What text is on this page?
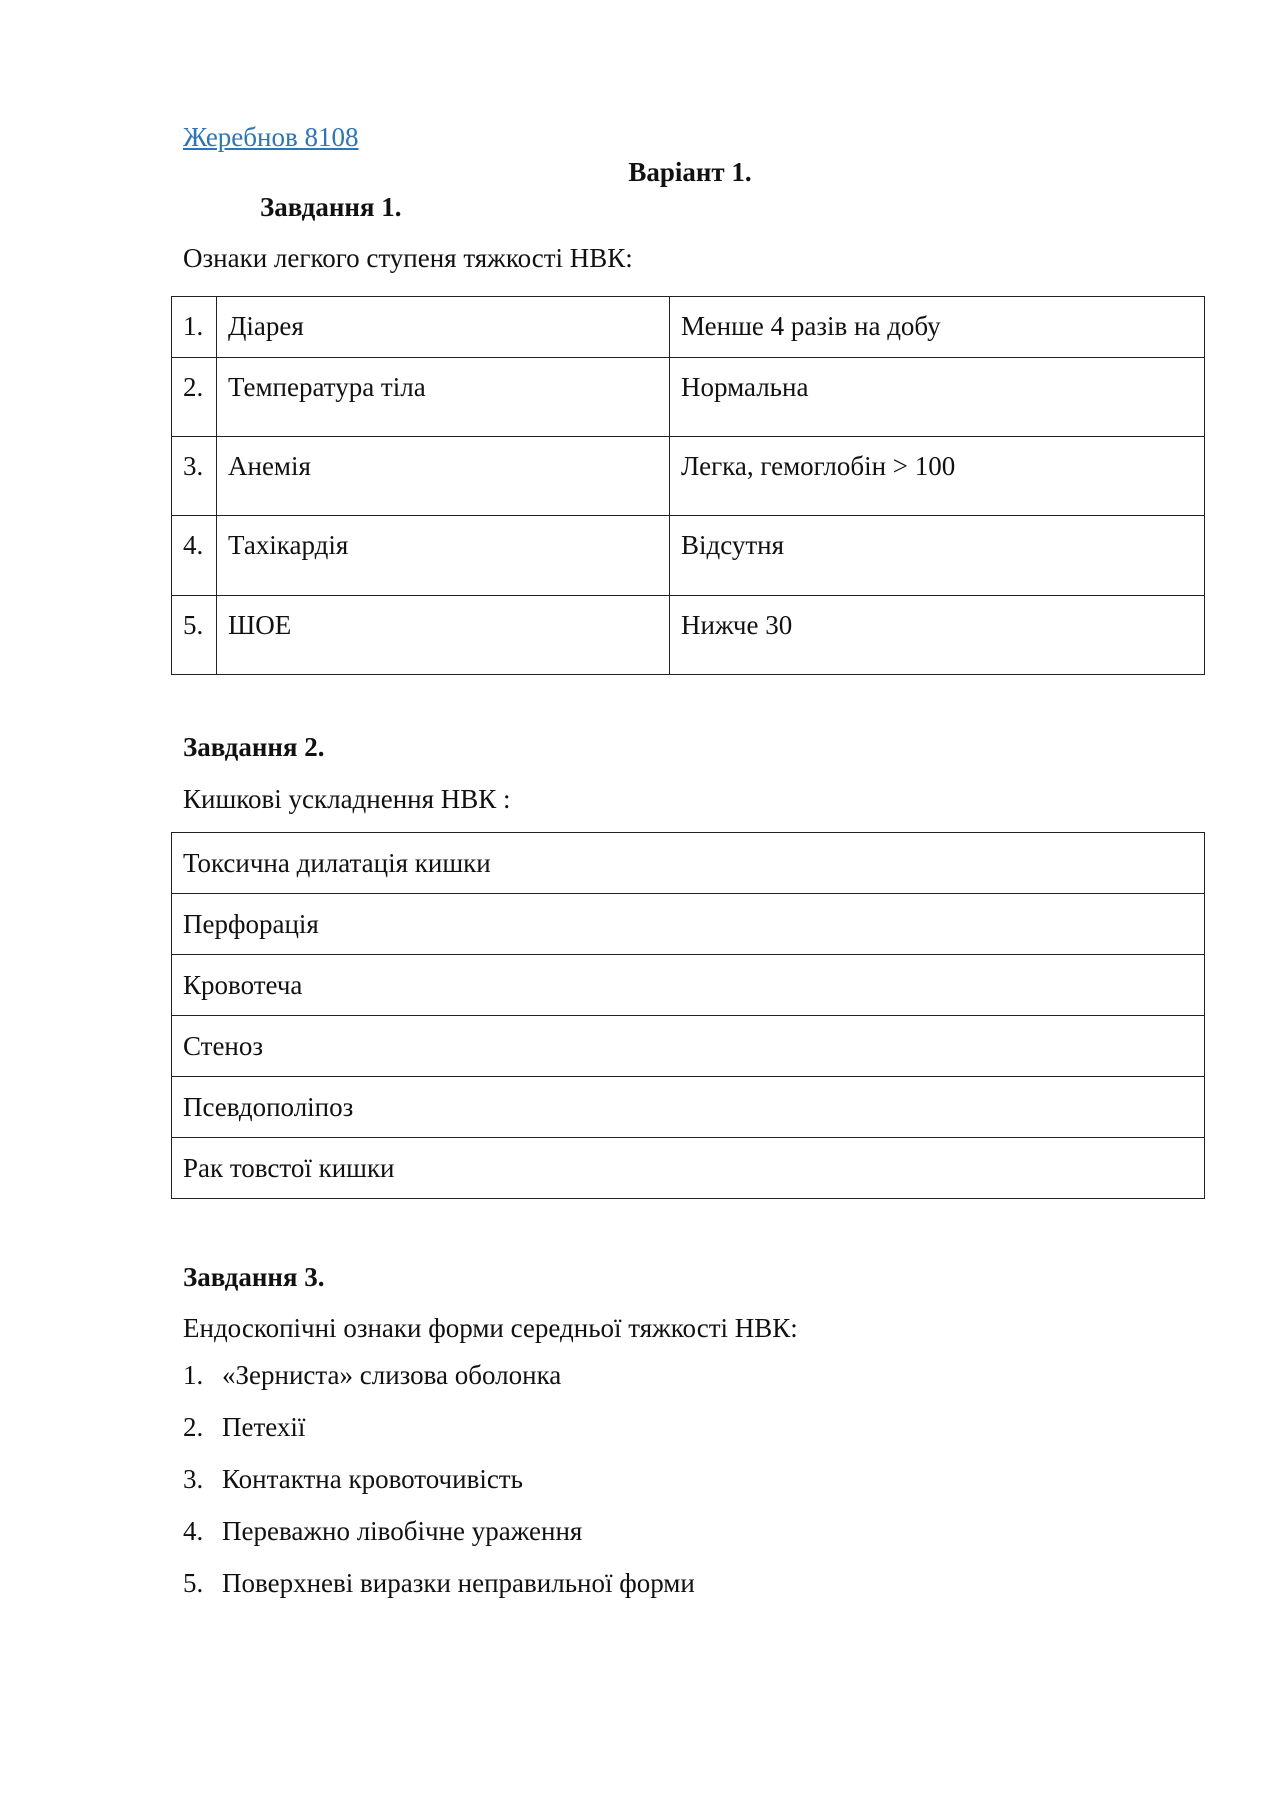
Жеребнов 8108
Варіант 1.
Завдання 1.
Ознаки легкого ступеня тяжкості НВК:
1.	Діарея	Менше 4 разів на добу
2.	Температура тіла	Нормальна
3.	Анемія	Легка, гемоглобін > 100
4.	Тахікардія	Відсутня
5.	ШОЕ	Нижче 30
Завдання 2.
Кишкові ускладнення НВК :
Токсична дилатація кишки
Перфорація
Кровотеча
Стеноз
Псевдополіпоз
Рак товстої кишки
Завдання 3.
Ендоскопічні ознаки форми середньої тяжкості НВК:
1. «Зерниста» слизова оболонка
2. Петехії
3. Контактна кровоточивість
4. Переважно лівобічне ураження
5. Поверхневі виразки неправильної форми
